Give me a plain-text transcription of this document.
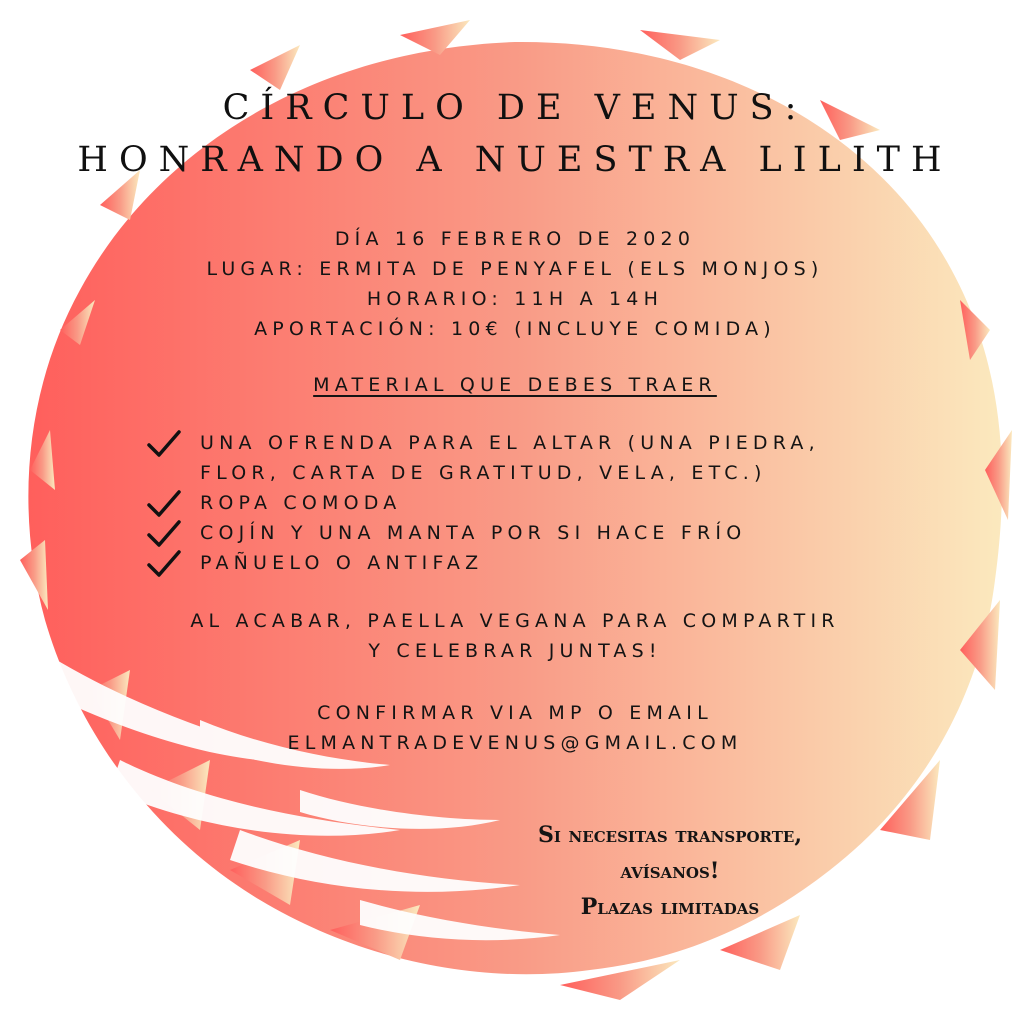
CÍRCULO DE VENUS:
HONRANDO A NUESTRA LILITH
DÍA 16 FEBRERO DE 2020
LUGAR: ERMITA DE PENYAFEL (ELS MONJOS)
HORARIO: 11H A 14H
APORTACIÓN: 10€ (INCLUYE COMIDA)
MATERIAL QUE DEBES TRAER
UNA OFRENDA PARA EL ALTAR (UNA PIEDRA,
FLOR, CARTA DE GRATITUD, VELA, ETC.)
ROPA COMODA
COJÍN Y UNA MANTA POR SI HACE FRÍO
PAÑUELO O ANTIFAZ
AL ACABAR, PAELLA VEGANA PARA COMPARTIR
Y CELEBRAR JUNTAS!
CONFIRMAR VIA MP O EMAIL
ELMANTRADEVENUS@GMAIL.COM
Si necesitas transporte,
avísanos!
Plazas limitadas
